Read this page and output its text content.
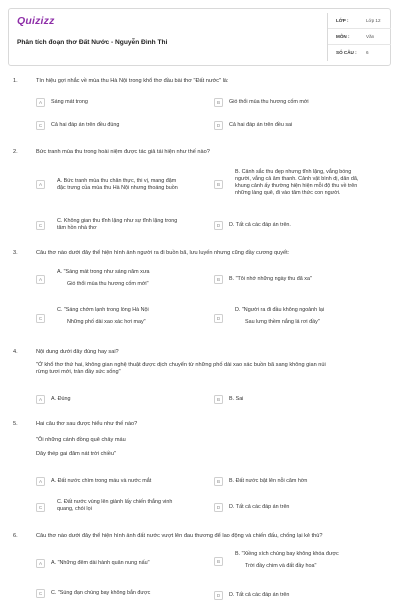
Quizizz
Phân tích đoạn thơ Đất Nước - Nguyễn Đình Thi
LỚP :	Lớp 12
MÔN :	Văn
SỐ CÂU :	6
1.	Tín hiệu gợi nhắc về mùa thu Hà Nội trong khổ thơ đầu bài thơ "Đất nước" là:
A	Sáng mát trong	B	Gió thổi mùa thu hương cốm mới
C	Cả hai đáp án trên đều đúng	D	Cả hai đáp án trên đều sai
2.	Bức tranh mùa thu trong hoài niệm được tác giả tái hiện như thế nào?
A
A. Bức tranh mùa thu chân thực, thi vị, mang đậm
đặc trưng của mùa thu Hà Nội nhưng thoáng buồn
B
B. Cảnh sắc thu đẹp nhưng tĩnh lặng, vắng bóng
người, vắng cả âm thanh. Cảnh vật bình dị, dân dã,
khung cảnh ấy thường hiện hiện mỗi độ thu về trên
những làng quê, đi vào tâm thức con người.
C
C. Không gian thu tĩnh lặng như sự tĩnh lặng trong
tâm hồn nhà thơ	D	D. Tất cả các đáp án trên.
3.	Câu thơ nào dưới đây thể hiện hình ảnh người ra đi buồn bã, lưu luyến nhưng cũng đầy cương quyết:
A
A. "Sáng mát trong như sáng năm xưa
Gió thổi mùa thu hương cốm mới"
B	B. "Tôi nhớ những ngày thu đã xa"
C
C. "Sáng chớm lạnh trong lòng Hà Nội
Những phố dài xao xác hơi may"
D
D. "Người ra đi đầu không ngoảnh lại
Sau lưng thềm nắng lá rơi đầy"
4.	Nội dung dưới đây đúng hay sai?
"Ở khổ thơ thứ hai, không gian nghệ thuật được dịch chuyển từ những phố dài xao xác buồn bã sang không gian núi
rừng tươi mới, tràn đầy sức sống"
A	A. Đúng	B	B. Sai
5.	Hai câu thơ sau được hiểu như thế nào?
"Ôi những cánh đồng quê chảy máu
Dây thép gai đâm nát trời chiều"
A	A. Đất nước chìm trong máu và nước mắt	B	B. Đất nước bật lên nỗi căm hờn
C
C. Đất nước vùng lên giành lấy chiến thắng vinh
quang, chói lọi	D	D. Tất cả các đáp án trên
6.	Câu thơ nào dưới đây thể hiện hình ảnh đất nước vượt lên đau thương để lao động và chiến đấu, chống lại kẻ thù?
A	A. "Những đêm dài hành quân nung nấu"	B
B. "Xiềng xích chúng bay không khóa được
Trời đầy chim và đất đầy hoa"
C	C. "Súng đạn chúng bay không bắn được	D	D. Tất cả các đáp án trên
